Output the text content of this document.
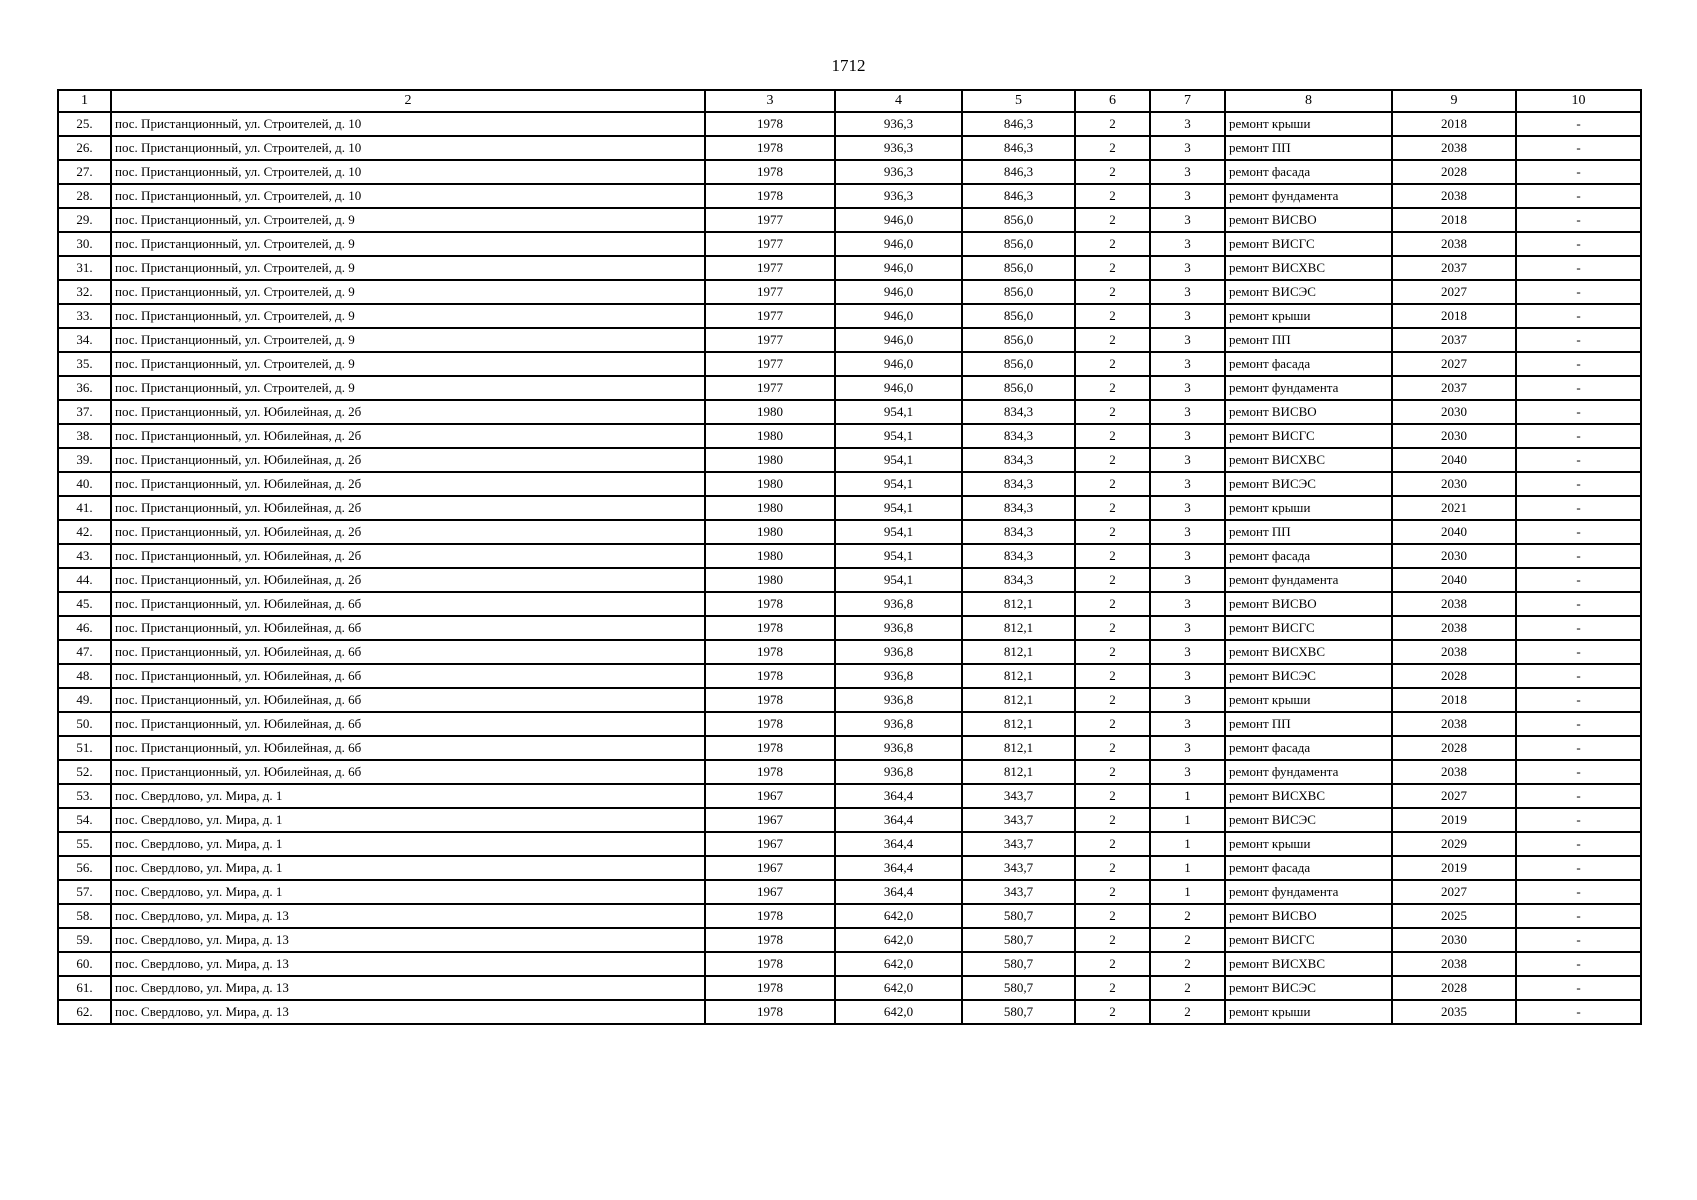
1712
1	2	3	4	5	6	7	8	9	10
25.	пос. Пристанционный, ул. Строителей, д. 10	1978	936,3	846,3	2	3	ремонт крыши	2018	-
26.	пос. Пристанционный, ул. Строителей, д. 10	1978	936,3	846,3	2	3	ремонт ПП	2038	-
27.	пос. Пристанционный, ул. Строителей, д. 10	1978	936,3	846,3	2	3	ремонт фасада	2028	-
28.	пос. Пристанционный, ул. Строителей, д. 10	1978	936,3	846,3	2	3	ремонт фундамента	2038	-
29.	пос. Пристанционный, ул. Строителей, д. 9	1977	946,0	856,0	2	3	ремонт ВИСВО	2018	-
30.	пос. Пристанционный, ул. Строителей, д. 9	1977	946,0	856,0	2	3	ремонт ВИСГС	2038	-
31.	пос. Пристанционный, ул. Строителей, д. 9	1977	946,0	856,0	2	3	ремонт ВИСХВС	2037	-
32.	пос. Пристанционный, ул. Строителей, д. 9	1977	946,0	856,0	2	3	ремонт ВИСЭС	2027	-
33.	пос. Пристанционный, ул. Строителей, д. 9	1977	946,0	856,0	2	3	ремонт крыши	2018	-
34.	пос. Пристанционный, ул. Строителей, д. 9	1977	946,0	856,0	2	3	ремонт ПП	2037	-
35.	пос. Пристанционный, ул. Строителей, д. 9	1977	946,0	856,0	2	3	ремонт фасада	2027	-
36.	пос. Пристанционный, ул. Строителей, д. 9	1977	946,0	856,0	2	3	ремонт фундамента	2037	-
37.	пос. Пристанционный, ул. Юбилейная, д. 2б	1980	954,1	834,3	2	3	ремонт ВИСВО	2030	-
38.	пос. Пристанционный, ул. Юбилейная, д. 2б	1980	954,1	834,3	2	3	ремонт ВИСГС	2030	-
39.	пос. Пристанционный, ул. Юбилейная, д. 2б	1980	954,1	834,3	2	3	ремонт ВИСХВС	2040	-
40.	пос. Пристанционный, ул. Юбилейная, д. 2б	1980	954,1	834,3	2	3	ремонт ВИСЭС	2030	-
41.	пос. Пристанционный, ул. Юбилейная, д. 2б	1980	954,1	834,3	2	3	ремонт крыши	2021	-
42.	пос. Пристанционный, ул. Юбилейная, д. 2б	1980	954,1	834,3	2	3	ремонт ПП	2040	-
43.	пос. Пристанционный, ул. Юбилейная, д. 2б	1980	954,1	834,3	2	3	ремонт фасада	2030	-
44.	пос. Пристанционный, ул. Юбилейная, д. 2б	1980	954,1	834,3	2	3	ремонт фундамента	2040	-
45.	пос. Пристанционный, ул. Юбилейная, д. 6б	1978	936,8	812,1	2	3	ремонт ВИСВО	2038	-
46.	пос. Пристанционный, ул. Юбилейная, д. 6б	1978	936,8	812,1	2	3	ремонт ВИСГС	2038	-
47.	пос. Пристанционный, ул. Юбилейная, д. 6б	1978	936,8	812,1	2	3	ремонт ВИСХВС	2038	-
48.	пос. Пристанционный, ул. Юбилейная, д. 6б	1978	936,8	812,1	2	3	ремонт ВИСЭС	2028	-
49.	пос. Пристанционный, ул. Юбилейная, д. 6б	1978	936,8	812,1	2	3	ремонт крыши	2018	-
50.	пос. Пристанционный, ул. Юбилейная, д. 6б	1978	936,8	812,1	2	3	ремонт ПП	2038	-
51.	пос. Пристанционный, ул. Юбилейная, д. 6б	1978	936,8	812,1	2	3	ремонт фасада	2028	-
52.	пос. Пристанционный, ул. Юбилейная, д. 6б	1978	936,8	812,1	2	3	ремонт фундамента	2038	-
53.	пос. Свердлово, ул. Мира, д. 1	1967	364,4	343,7	2	1	ремонт ВИСХВС	2027	-
54.	пос. Свердлово, ул. Мира, д. 1	1967	364,4	343,7	2	1	ремонт ВИСЭС	2019	-
55.	пос. Свердлово, ул. Мира, д. 1	1967	364,4	343,7	2	1	ремонт крыши	2029	-
56.	пос. Свердлово, ул. Мира, д. 1	1967	364,4	343,7	2	1	ремонт фасада	2019	-
57.	пос. Свердлово, ул. Мира, д. 1	1967	364,4	343,7	2	1	ремонт фундамента	2027	-
58.	пос. Свердлово, ул. Мира, д. 13	1978	642,0	580,7	2	2	ремонт ВИСВО	2025	-
59.	пос. Свердлово, ул. Мира, д. 13	1978	642,0	580,7	2	2	ремонт ВИСГС	2030	-
60.	пос. Свердлово, ул. Мира, д. 13	1978	642,0	580,7	2	2	ремонт ВИСХВС	2038	-
61.	пос. Свердлово, ул. Мира, д. 13	1978	642,0	580,7	2	2	ремонт ВИСЭС	2028	-
62.	пос. Свердлово, ул. Мира, д. 13	1978	642,0	580,7	2	2	ремонт крыши	2035	-
